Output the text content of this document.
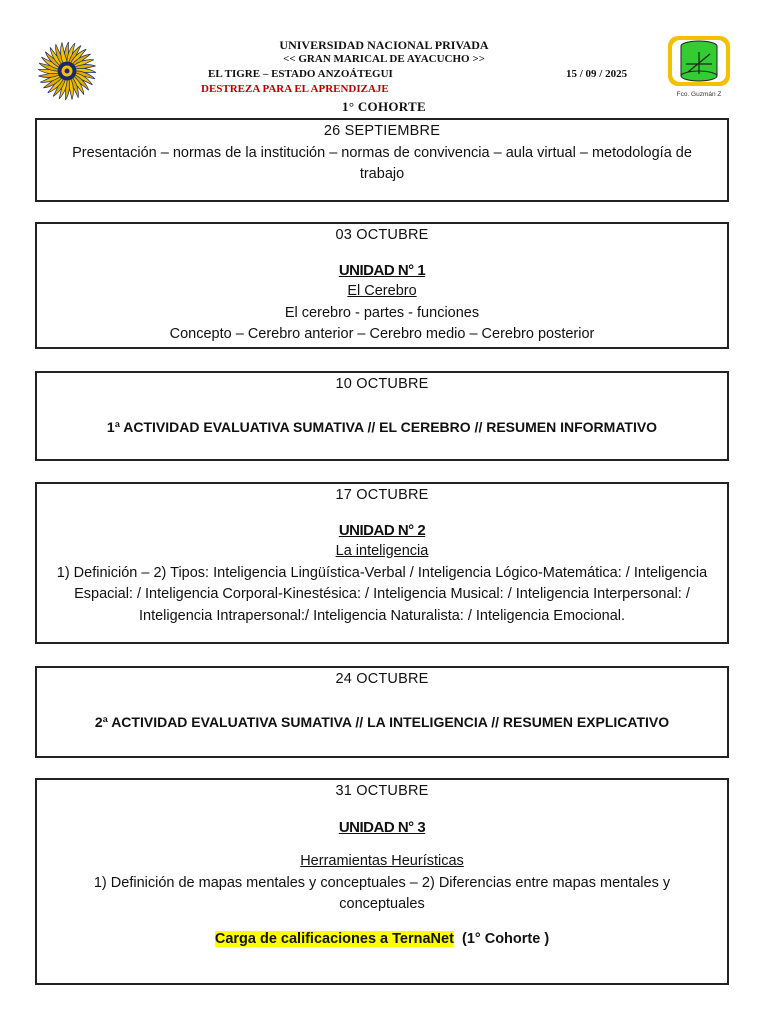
UNIVERSIDAD NACIONAL PRIVADA
<< GRAN MARICAL DE AYACUCHO >>
EL TIGRE – ESTADO ANZOÁTEGUI	15 / 09 / 2025
DESTREZA PARA EL APRENDIZAJE
1° COHORTE
Fco. Guzmán Z
26 SEPTIEMBRE
Presentación – normas de la institución – normas de convivencia – aula virtual – metodología de trabajo
03 OCTUBRE
UNIDAD N° 1
El Cerebro
El cerebro - partes - funciones
Concepto – Cerebro anterior – Cerebro medio – Cerebro posterior
10 OCTUBRE
1ª ACTIVIDAD EVALUATIVA SUMATIVA // EL CEREBRO // RESUMEN INFORMATIVO
17 OCTUBRE
UNIDAD N° 2
La inteligencia
1) Definición – 2) Tipos: Inteligencia Lingüística-Verbal / Inteligencia Lógico-Matemática: / Inteligencia Espacial: / Inteligencia Corporal-Kinestésica: / Inteligencia Musical: / Inteligencia Interpersonal: / Inteligencia Intrapersonal:/ Inteligencia Naturalista: / Inteligencia Emocional.
24 OCTUBRE
2ª ACTIVIDAD EVALUATIVA SUMATIVA // LA INTELIGENCIA // RESUMEN EXPLICATIVO
31 OCTUBRE
UNIDAD N° 3
Herramientas Heurísticas
1) Definición de mapas mentales y conceptuales – 2) Diferencias entre mapas mentales y conceptuales
Carga de calificaciones a TernaNet (1° Cohorte )
